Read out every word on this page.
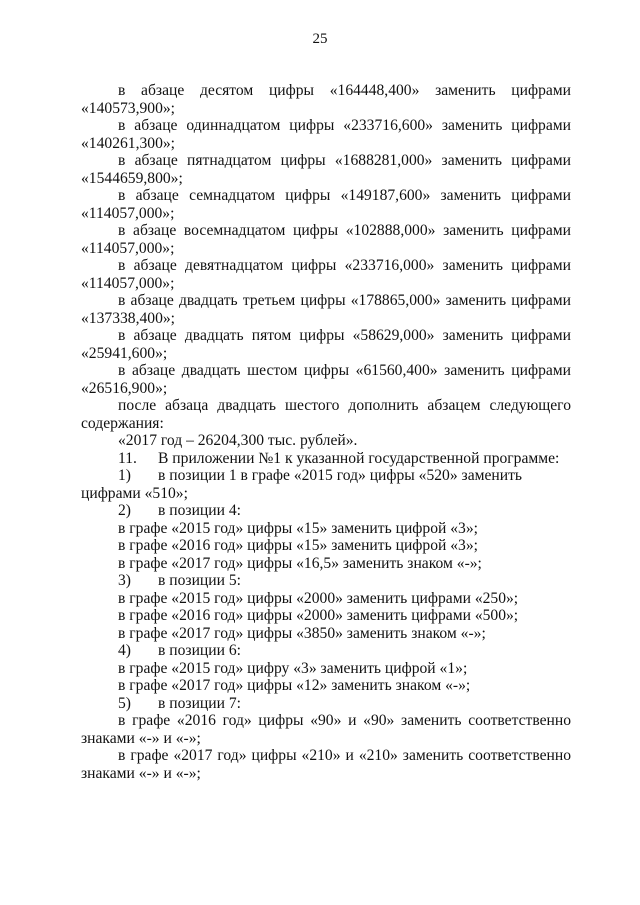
25
в абзаце десятом цифры «164448,400» заменить цифрами
«140573,900»;
в абзаце одиннадцатом цифры «233716,600» заменить цифрами
«140261,300»;
в абзаце пятнадцатом цифры «1688281,000» заменить цифрами
«1544659,800»;
в абзаце семнадцатом цифры «149187,600» заменить цифрами
«114057,000»;
в абзаце восемнадцатом цифры «102888,000» заменить цифрами
«114057,000»;
в абзаце девятнадцатом цифры «233716,000» заменить цифрами
«114057,000»;
в абзаце двадцать третьем цифры «178865,000» заменить цифрами
«137338,400»;
в абзаце двадцать пятом цифры «58629,000» заменить цифрами
«25941,600»;
в абзаце двадцать шестом цифры «61560,400» заменить цифрами
«26516,900»;
после абзаца двадцать шестого дополнить абзацем следующего
содержания:
«2017 год – 26204,300 тыс. рублей».
11. В приложении №1 к указанной государственной программе:
1) в позиции 1 в графе «2015 год» цифры «520» заменить
цифрами «510»;
2) в позиции 4:
в графе «2015 год» цифры «15» заменить цифрой «3»;
в графе «2016 год» цифры «15» заменить цифрой «3»;
в графе «2017 год» цифры «16,5» заменить знаком «-»;
3) в позиции 5:
в графе «2015 год» цифры «2000» заменить цифрами «250»;
в графе «2016 год» цифры «2000» заменить цифрами «500»;
в графе «2017 год» цифры «3850» заменить знаком «-»;
4) в позиции 6:
в графе «2015 год» цифру «3» заменить цифрой «1»;
в графе «2017 год» цифры «12» заменить знаком «-»;
5) в позиции 7:
в графе «2016 год» цифры «90» и «90» заменить соответственно
знаками «-» и «-»;
в графе «2017 год» цифры «210» и «210» заменить соответственно
знаками «-» и «-»;
